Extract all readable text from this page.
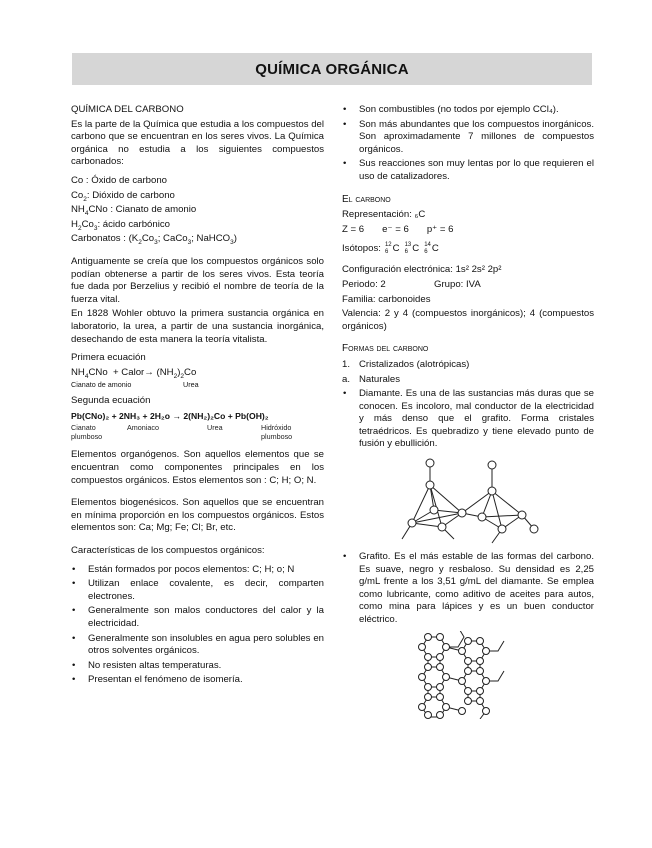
QUÍMICA ORGÁNICA
QUÍMICA DEL CARBONO

Es la parte de la Química que estudia a los compuestos del carbono que se encuentran en los seres vivos. La Química orgánica no estudia a los siguientes compuestos carbonados:

Co : Óxido de carbono
$Co_2$: Dióxido de carbono
$NH_4CNo$ : Cianato de amonio
$H_2Co_3$: ácido carbónico
Carbonatos : ($K_2Co_3$; CaCo$_3$; NaHCO$_3$)

Antiguamente se creía que los compuestos orgánicos solo podían obtenerse a partir de los seres vivos. Esta teoría fue dada por Berzelius y recibió el nombre de teoría de la fuerza vital.

En 1828 Wohler obtuvo la primera sustancia orgánica en laboratorio, la urea, a partir de una sustancia inorgánica, desechando de esta manera la teoría vitalista.

Primera ecuación
$NH_4CNo$ + Calor→ $(NH_2)_2Co$
Cianato de amonio	Urea
Segunda ecuación
Pb(CNo)₂ + 2NH₃ + 2H₂o → 2(NH₂)₂Co + Pb(OH)₂
Cianato plumboso
Amoniaco	Urea	Hidróxido plumboso

Elementos organógenos. Son aquellos elementos que se encuentran como componentes principales en los compuestos orgánicos. Estos elementos son : C; H; O; N.

Elementos biogenésicos. Son aquellos que se encuentran en mínima proporción en los compuestos orgánicos. Estos elementos son: Ca; Mg; Fe; Cl; Br, etc.

Características de los compuestos orgánicos:
• Están formados por pocos elementos: C; H; o; N
• Utilizan enlace covalente, es decir, comparten electrones.
• Generalmente son malos conductores del calor y la electricidad.
• Generalmente son insolubles en agua pero solubles en otros solventes orgánicos.
• No resisten altas temperaturas.
• Presentan el fenómeno de isomería.
• Son combustibles (no todos por ejemplo CCl₄).
• Son más abundantes que los compuestos inorgánicos. Son aproximadamente 7 millones de compuestos orgánicos.
• Sus reacciones son muy lentas por lo que requieren el uso de catalizadores.
El carbono
Representación: ₆C
Z = 6 e⁻ = 6 p⁺ = 6
Isótopos: 12
6 C 13
6 C 14
6 C
Configuración electrónica: 1s² 2s² 2p²
Periodo: 2	Grupo: IVA
Familia: carbonoides

Valencia: 2 y 4 (compuestos inorgánicos); 4 (compuestos orgánicos)

Formas del carbono
1. Cristalizados (alotrópicas)
a. Naturales
• Diamante. Es una de las sustancias más duras que se conocen. Es incoloro, mal conductor de la electricidad y más denso que el grafito. Forma cristales tetraédricos. Es quebradizo y tiene elevado punto de fusión y ebullición.
• Grafito. Es el más estable de las formas del carbono. Es suave, negro y resbaloso. Su densidad es 2,25 g/mL frente a los 3,51 g/mL del diamante. Se emplea como lubricante, como aditivo de aceites para autos, como mina para lápices y es un buen conductor eléctrico.
